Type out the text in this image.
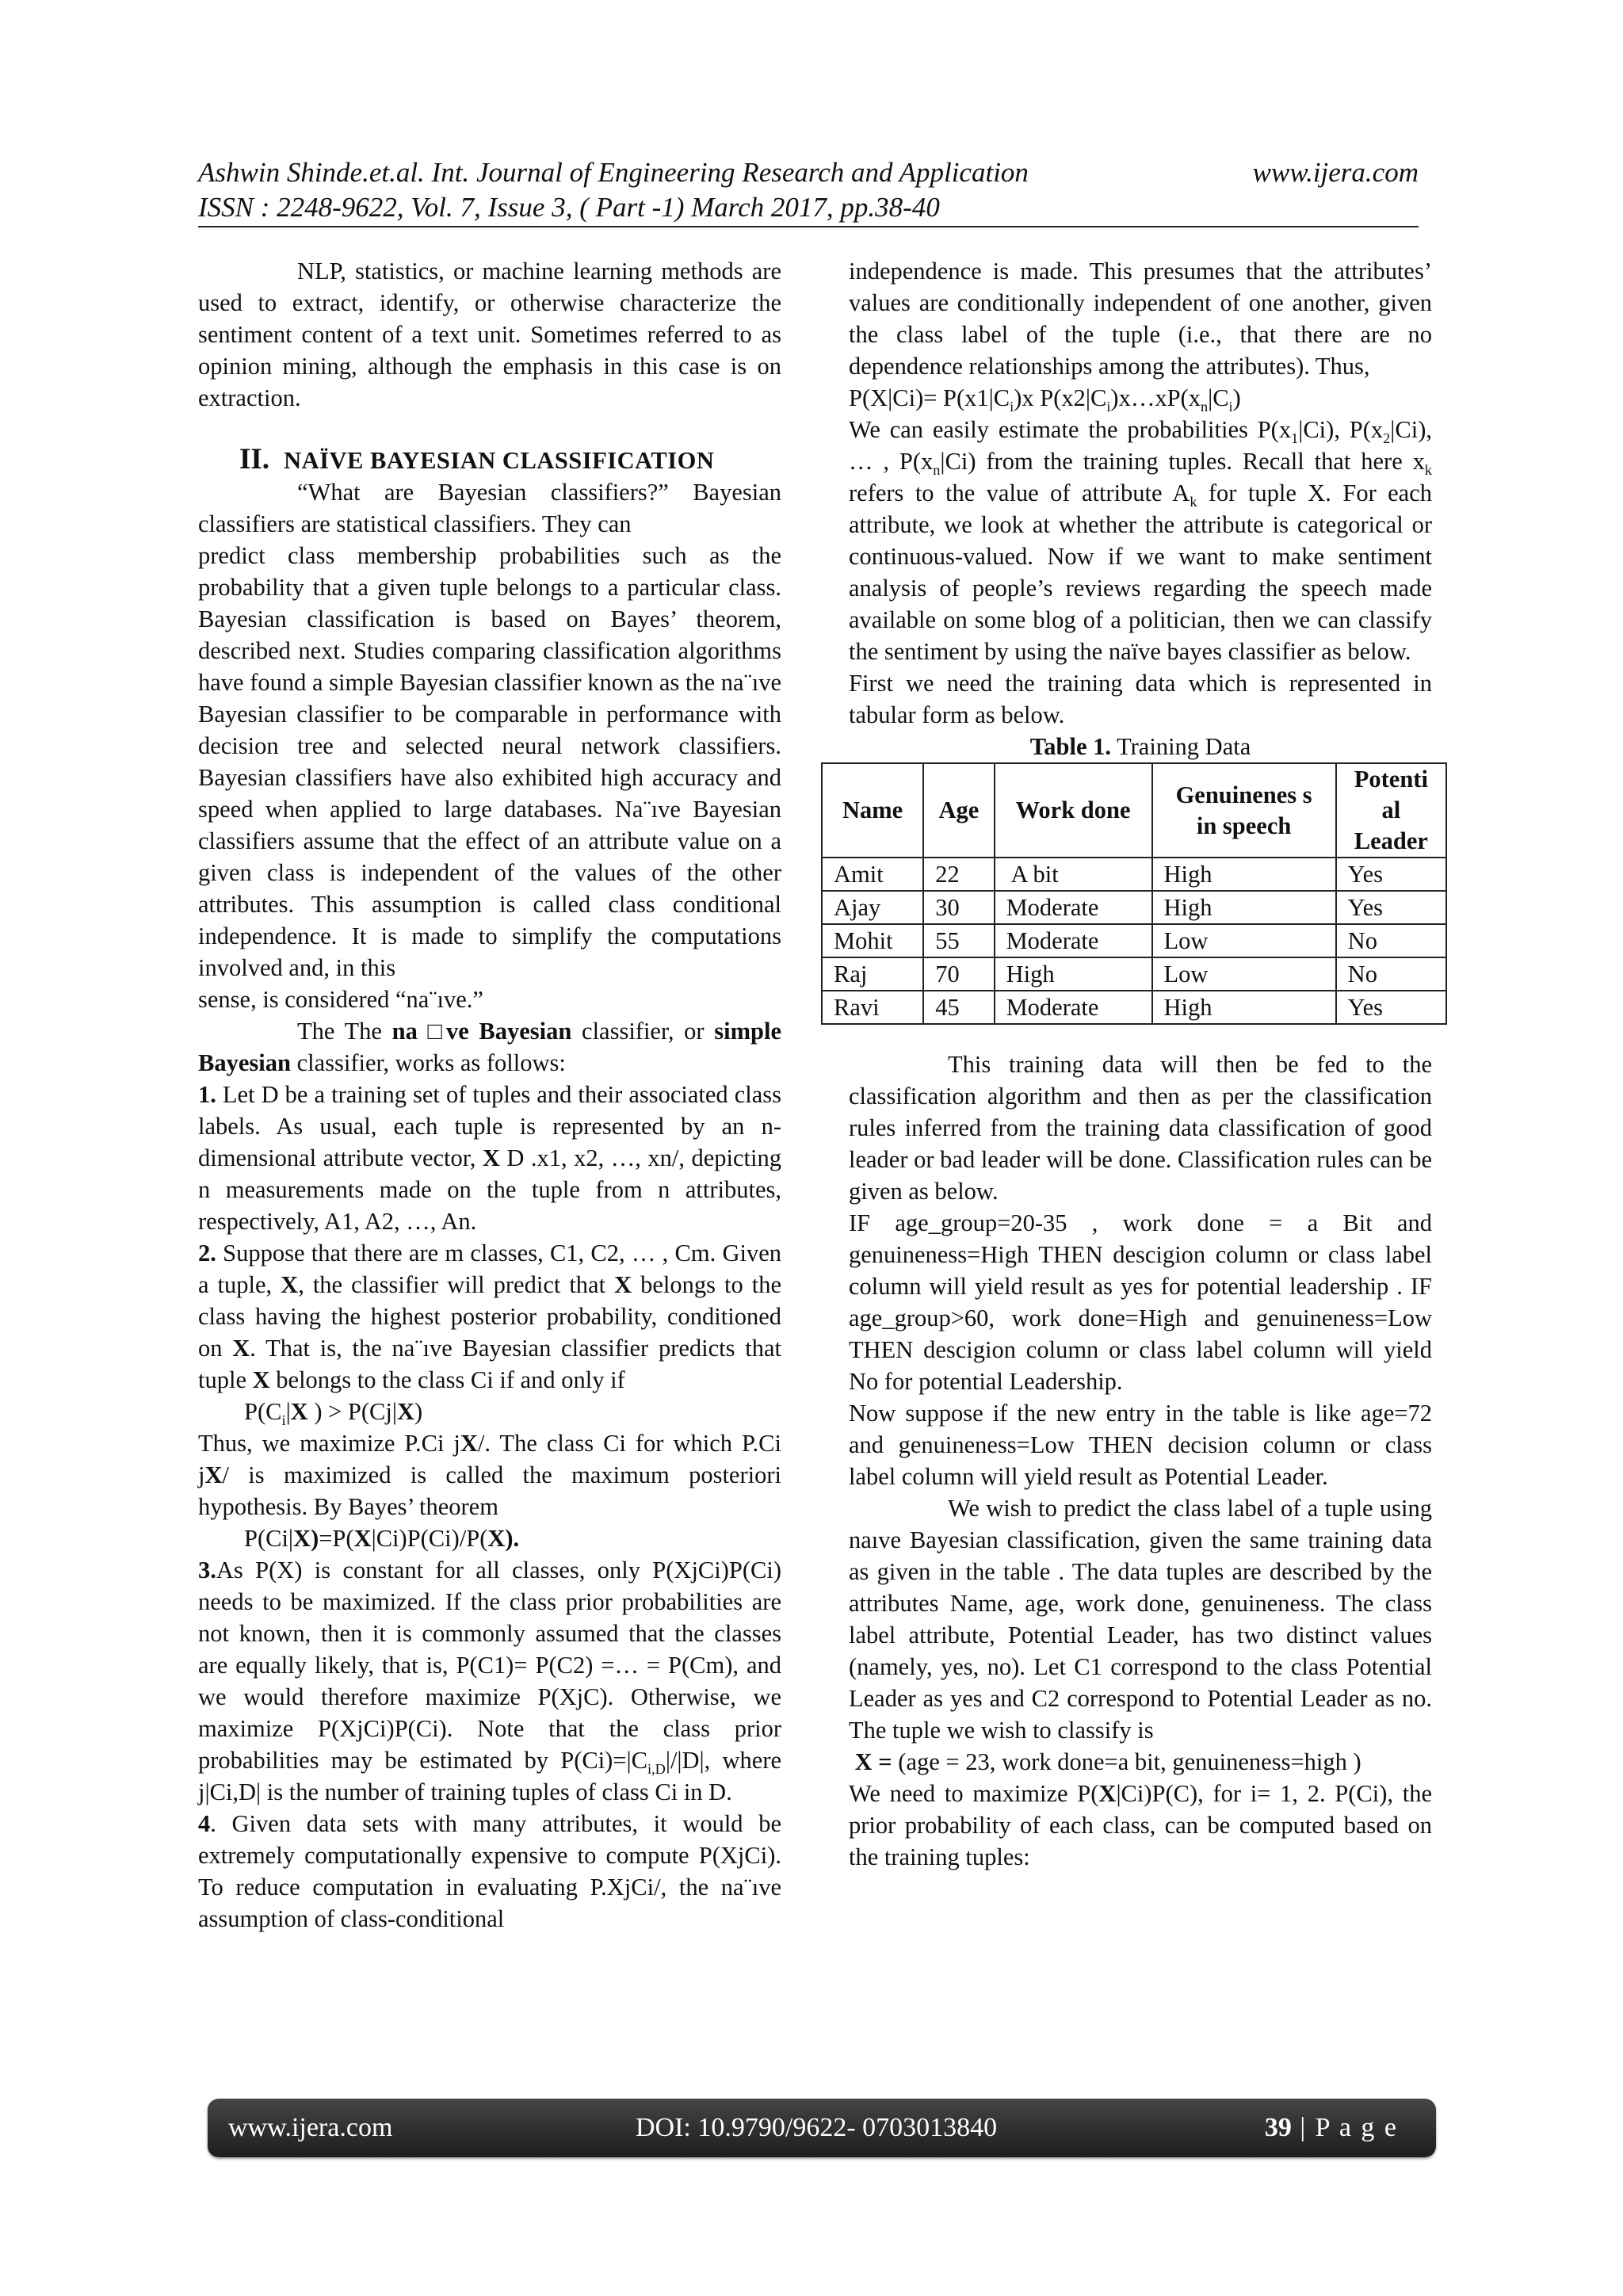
Ashwin Shinde.et.al. Int. Journal of Engineering Research and Application	www.ijera.com
ISSN : 2248-9622, Vol. 7, Issue 3, ( Part -1) March 2017, pp.38-40

NLP, statistics, or machine learning methods are used to extract, identify, or otherwise characterize the sentiment content of a text unit. Sometimes referred to as opinion mining, although the emphasis in this case is on extraction.

II. NAÏVE BAYESIAN CLASSIFICATION

“What are Bayesian classifiers?” Bayesian classifiers are statistical classifiers. They can

predict class membership probabilities such as the probability that a given tuple belongs to a particular class. Bayesian classification is based on Bayes’ theorem, described next. Studies comparing classification algorithms have found a simple Bayesian classifier known as the na¨ıve Bayesian classifier to be comparable in performance with decision tree and selected neural network classifiers. Bayesian classifiers have also exhibited high accuracy and speed when applied to large databases. Na¨ıve Bayesian classifiers assume that the effect of an attribute value on a given class is independent of the values of the other attributes. This assumption is called class conditional independence. It is made to simplify the computations involved and, in this

sense, is considered “na¨ıve.”

The The na □ve Bayesian classifier, or simple Bayesian classifier, works as follows:

1. Let D be a training set of tuples and their associated class labels. As usual, each tuple is represented by an n-dimensional attribute vector, X D .x1, x2, …, xn/, depicting n measurements made on the tuple from n attributes, respectively, A1, A2, …, An.

2. Suppose that there are m classes, C1, C2, … , Cm. Given a tuple, X, the classifier will predict that X belongs to the class having the highest posterior probability, conditioned on X. That is, the na¨ıve Bayesian classifier predicts that tuple X belongs to the class Ci if and only if

$P(C_i|X$ ) > P(Cj|X)

Thus, we maximize P.Ci jX/. The class Ci for which P.Ci jX/ is maximized is called the maximum posteriori hypothesis. By Bayes’ theorem

P(Ci|X)=P(X|Ci)P(Ci)/P(X).

3.As P(X) is constant for all classes, only P(XjCi)P(Ci) needs to be maximized. If the class prior probabilities are not known, then it is commonly assumed that the classes are equally likely, that is, P(C1)= P(C2) =… = P(Cm), and we would therefore maximize P(XjC). Otherwise, we maximize P(XjCi)P(Ci). Note that the class prior probabilities may be estimated by $P(Ci)=|C_{i,D}|/|D|$, where j|Ci,D| is the number of training tuples of class Ci in D.

4. Given data sets with many attributes, it would be extremely computationally expensive to compute P(XjCi). To reduce computation in evaluating P.XjCi/, the na¨ıve assumption of class-conditional

independence is made. This presumes that the attributes’ values are conditionally independent of one another, given the class label of the tuple (i.e., that there are no dependence relationships among the attributes). Thus,

$P(X|Ci)= P(x1|C_i)x$ $P(x2|C_i)x\dots xP(x_n|C_i)$

We can easily estimate the probabilities $P(x_1|Ci)$, $P(x_2|Ci)$, … , $P(x_n|Ci)$ from the training tuples. Recall that here $x_k$ refers to the value of attribute $A_k$ for tuple X. For each attribute, we look at whether the attribute is categorical or continuous-valued. Now if we want to make sentiment analysis of people’s reviews regarding the speech made available on some blog of a politician, then we can classify the sentiment by using the naïve bayes classifier as below.

First we need the training data which is represented in tabular form as below.

Table 1. Training Data

Name	Age	Work done	Genuinenes s in speech	Potenti al Leader
Amit	22	A bit	High	Yes
Ajay	30	Moderate	High	Yes
Mohit	55	Moderate	Low	No
Raj	70	High	Low	No
Ravi	45	Moderate	High	Yes

This training data will then be fed to the classification algorithm and then as per the classification rules inferred from the training data classification of good leader or bad leader will be done. Classification rules can be given as below.

IF age_group=20-35 , work done = a Bit and genuineness=High THEN descigion column or class label column will yield result as yes for potential leadership . IF age_group>60, work done=High and genuineness=Low THEN descigion column or class label column will yield No for potential Leadership.

Now suppose if the new entry in the table is like age=72 and genuineness=Low THEN decision column or class label column will yield result as Potential Leader.

We wish to predict the class label of a tuple using naıve Bayesian classification, given the same training data as given in the table . The data tuples are described by the attributes Name, age, work done, genuineness. The class label attribute, Potential Leader, has two distinct values (namely, yes, no). Let C1 correspond to the class Potential Leader as yes and C2 correspond to Potential Leader as no. The tuple we wish to classify is

X = (age = 23, work done=a bit, genuineness=high )

We need to maximize P(X|Ci)P(C), for i= 1, 2. P(Ci), the prior probability of each class, can be computed based on the training tuples:

www.ijera.com	DOI: 10.9790/9622- 0703013840	39 | P a g e
